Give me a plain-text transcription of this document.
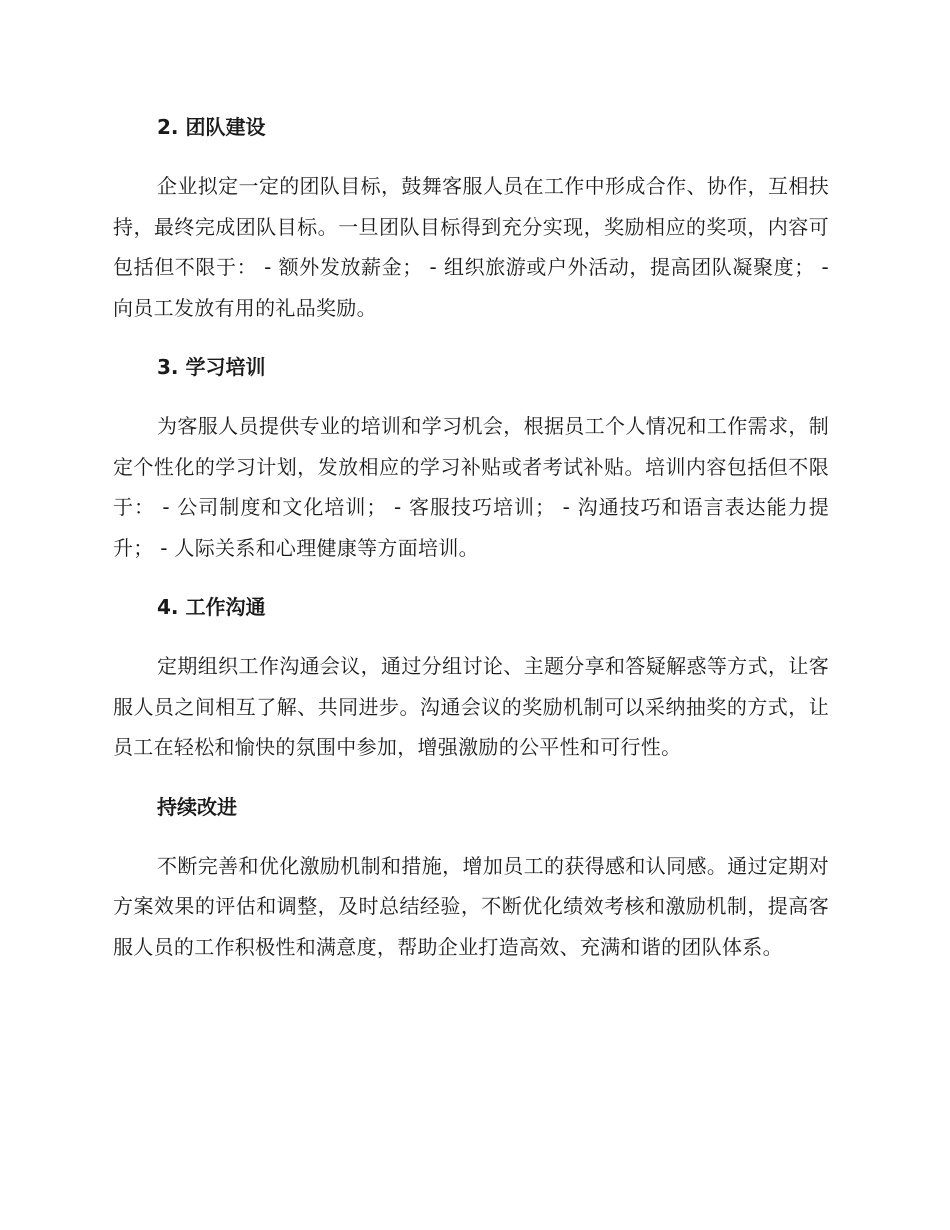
2. 团队建设

企业拟定一定的团队目标，鼓舞客服人员在工作中形成合作、协作，互相扶持，最终完成团队目标。一旦团队目标得到充分实现，奖励相应的奖项，内容可包括但不限于： - 额外发放薪金； - 组织旅游或户外活动，提高团队凝聚度； - 向员工发放有用的礼品奖励。

3. 学习培训

为客服人员提供专业的培训和学习机会，根据员工个人情况和工作需求，制定个性化的学习计划，发放相应的学习补贴或者考试补贴。培训内容包括但不限于： - 公司制度和文化培训； - 客服技巧培训； - 沟通技巧和语言表达能力提升； - 人际关系和心理健康等方面培训。

4. 工作沟通

定期组织工作沟通会议，通过分组讨论、主题分享和答疑解惑等方式，让客服人员之间相互了解、共同进步。沟通会议的奖励机制可以采纳抽奖的方式，让员工在轻松和愉快的氛围中参加，增强激励的公平性和可行性。

持续改进

不断完善和优化激励机制和措施，增加员工的获得感和认同感。通过定期对方案效果的评估和调整，及时总结经验，不断优化绩效考核和激励机制，提高客服人员的工作积极性和满意度，帮助企业打造高效、充满和谐的团队体系。
